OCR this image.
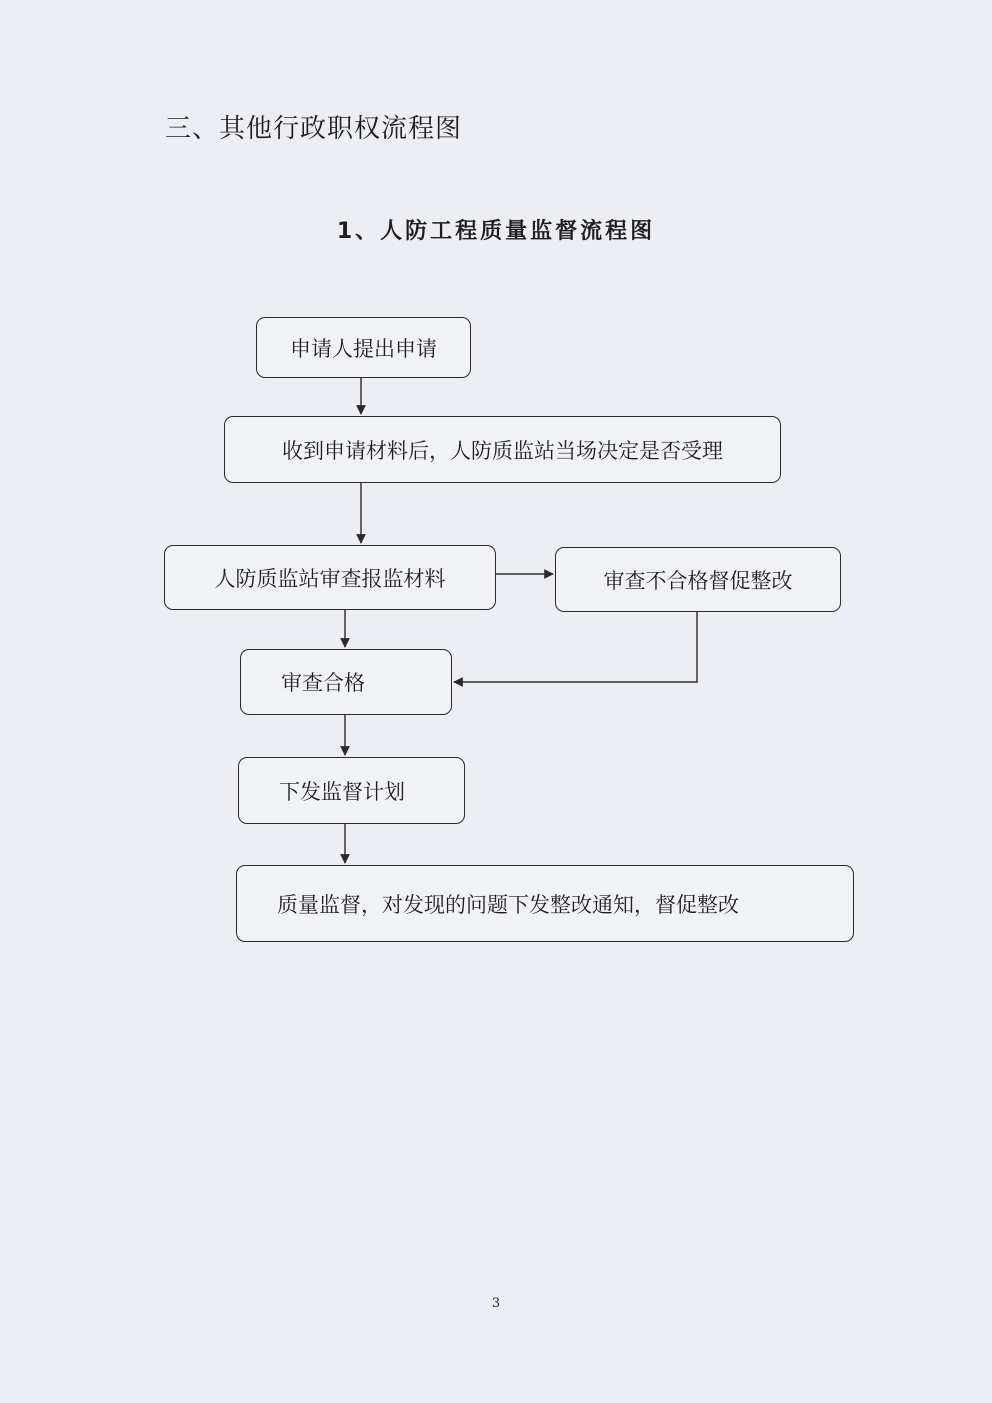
三、其他行政职权流程图
1、人防工程质量监督流程图
申请人提出申请
收到申请材料后，人防质监站当场决定是否受理
人防质监站审查报监材料	审查不合格督促整改
审查合格
下发监督计划
质量监督，对发现的问题下发整改通知，督促整改
3
